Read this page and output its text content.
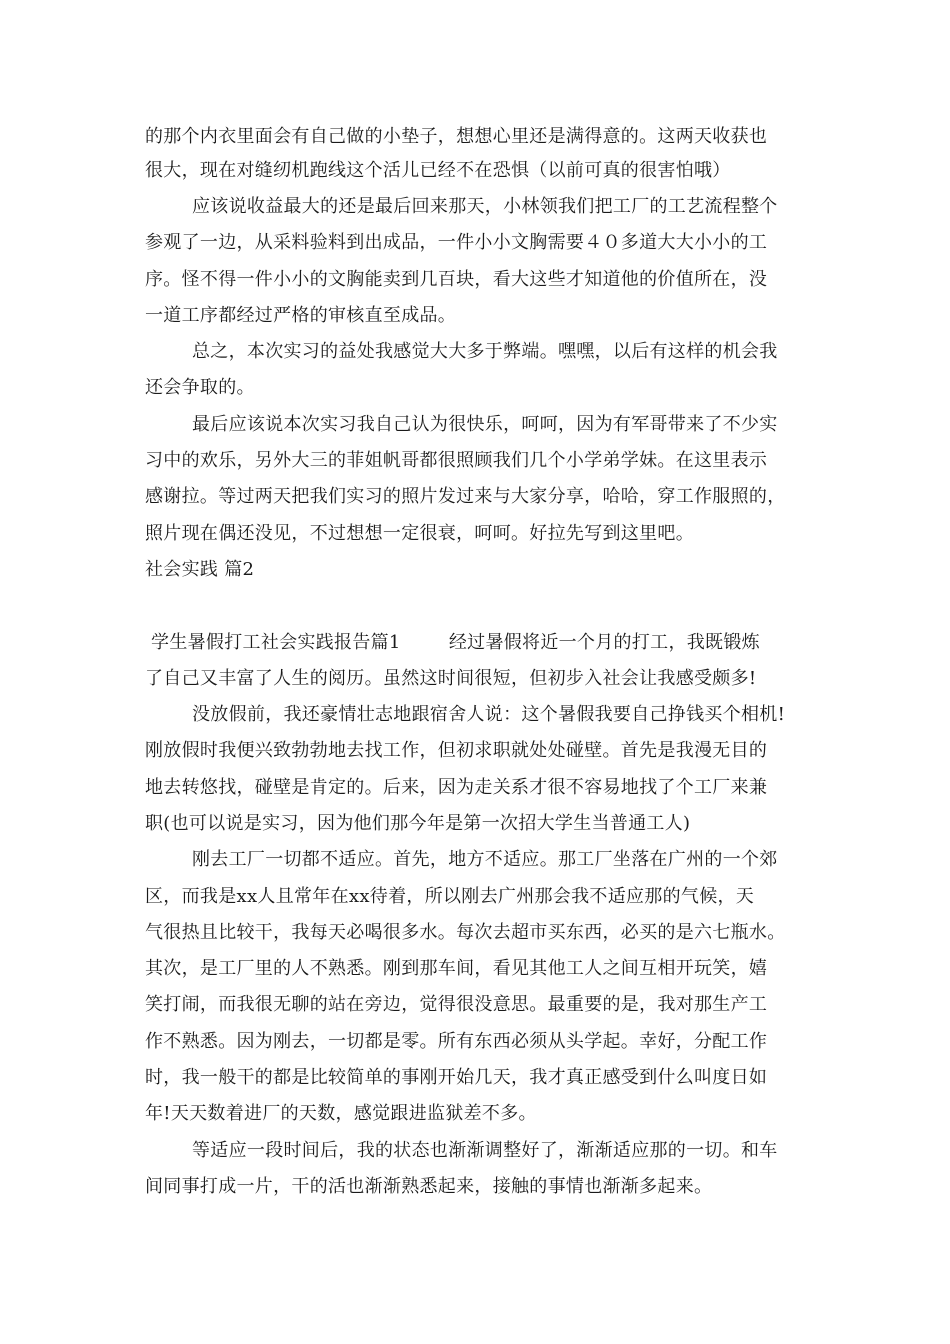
的那个内衣里面会有自己做的小垫子，想想心里还是满得意的。这两天收获也
很大，现在对缝纫机跑线这个活儿已经不在恐惧（以前可真的很害怕哦）
应该说收益最大的还是最后回来那天，小林领我们把工厂的工艺流程整个
参观了一边，从采料验料到出成品，一件小小文胸需要４０多道大大小小的工
序。怪不得一件小小的文胸能卖到几百块，看大这些才知道他的价值所在，没
一道工序都经过严格的审核直至成品。
总之，本次实习的益处我感觉大大多于弊端。嘿嘿，以后有这样的机会我
还会争取的。
最后应该说本次实习我自己认为很快乐，呵呵，因为有军哥带来了不少实
习中的欢乐，另外大三的菲姐帆哥都很照顾我们几个小学弟学妹。在这里表示
感谢拉。等过两天把我们实习的照片发过来与大家分享，哈哈，穿工作服照的，
照片现在偶还没见，不过想想一定很衰，呵呵。好拉先写到这里吧。
社会实践 篇2
学生暑假打工社会实践报告篇1        经过暑假将近一个月的打工，我既锻炼
了自己又丰富了人生的阅历。虽然这时间很短，但初步入社会让我感受颇多!
没放假前，我还豪情壮志地跟宿舍人说：这个暑假我要自己挣钱买个相机!
刚放假时我便兴致勃勃地去找工作，但初求职就处处碰壁。首先是我漫无目的
地去转悠找，碰壁是肯定的。后来，因为走关系才很不容易地找了个工厂来兼
职(也可以说是实习，因为他们那今年是第一次招大学生当普通工人)
刚去工厂一切都不适应。首先，地方不适应。那工厂坐落在广州的一个郊
区，而我是xx人且常年在xx待着，所以刚去广州那会我不适应那的气候，天
气很热且比较干，我每天必喝很多水。每次去超市买东西，必买的是六七瓶水。
其次，是工厂里的人不熟悉。刚到那车间，看见其他工人之间互相开玩笑，嬉
笑打闹，而我很无聊的站在旁边，觉得很没意思。最重要的是，我对那生产工
作不熟悉。因为刚去，一切都是零。所有东西必须从头学起。幸好，分配工作
时，我一般干的都是比较简单的事刚开始几天，我才真正感受到什么叫度日如
年!天天数着进厂的天数，感觉跟进监狱差不多。
等适应一段时间后，我的状态也渐渐调整好了，渐渐适应那的一切。和车
间同事打成一片，干的活也渐渐熟悉起来，接触的事情也渐渐多起来。
